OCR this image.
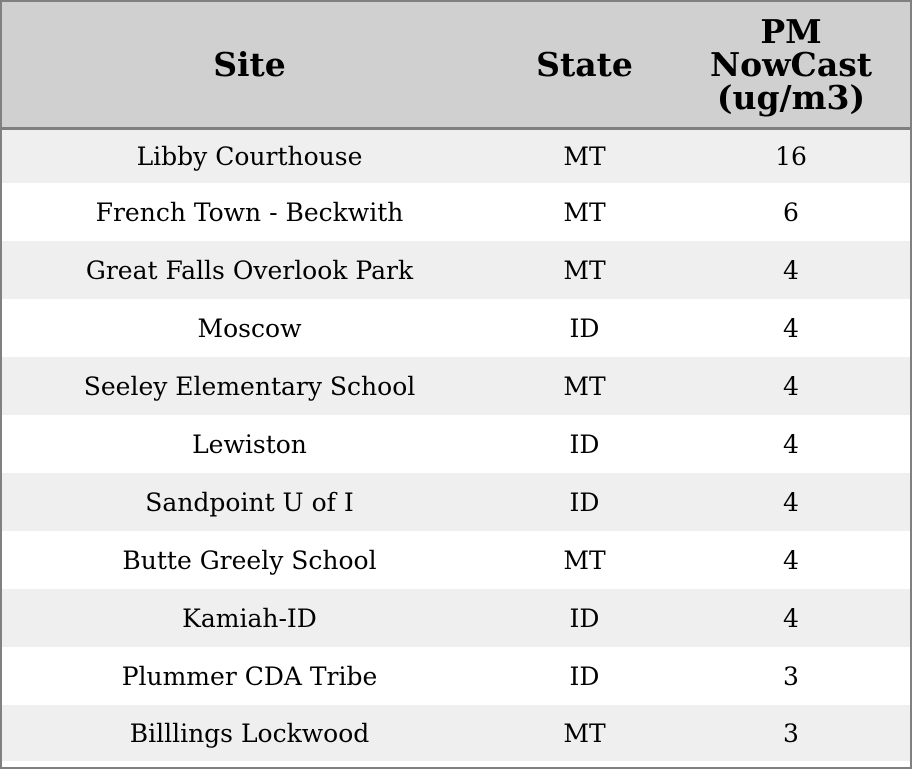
Site	State	PM
NowCast
(ug/m3)

Libby Courthouse	MT	16
French Town - Beckwith	MT	6
Great Falls Overlook Park	MT	4
Moscow	ID	4
Seeley Elementary School	MT	4
Lewiston	ID	4
Sandpoint U of I	ID	4
Butte Greely School	MT	4
Kamiah-ID	ID	4
Plummer CDA Tribe	ID	3
Billlings Lockwood	MT	3
